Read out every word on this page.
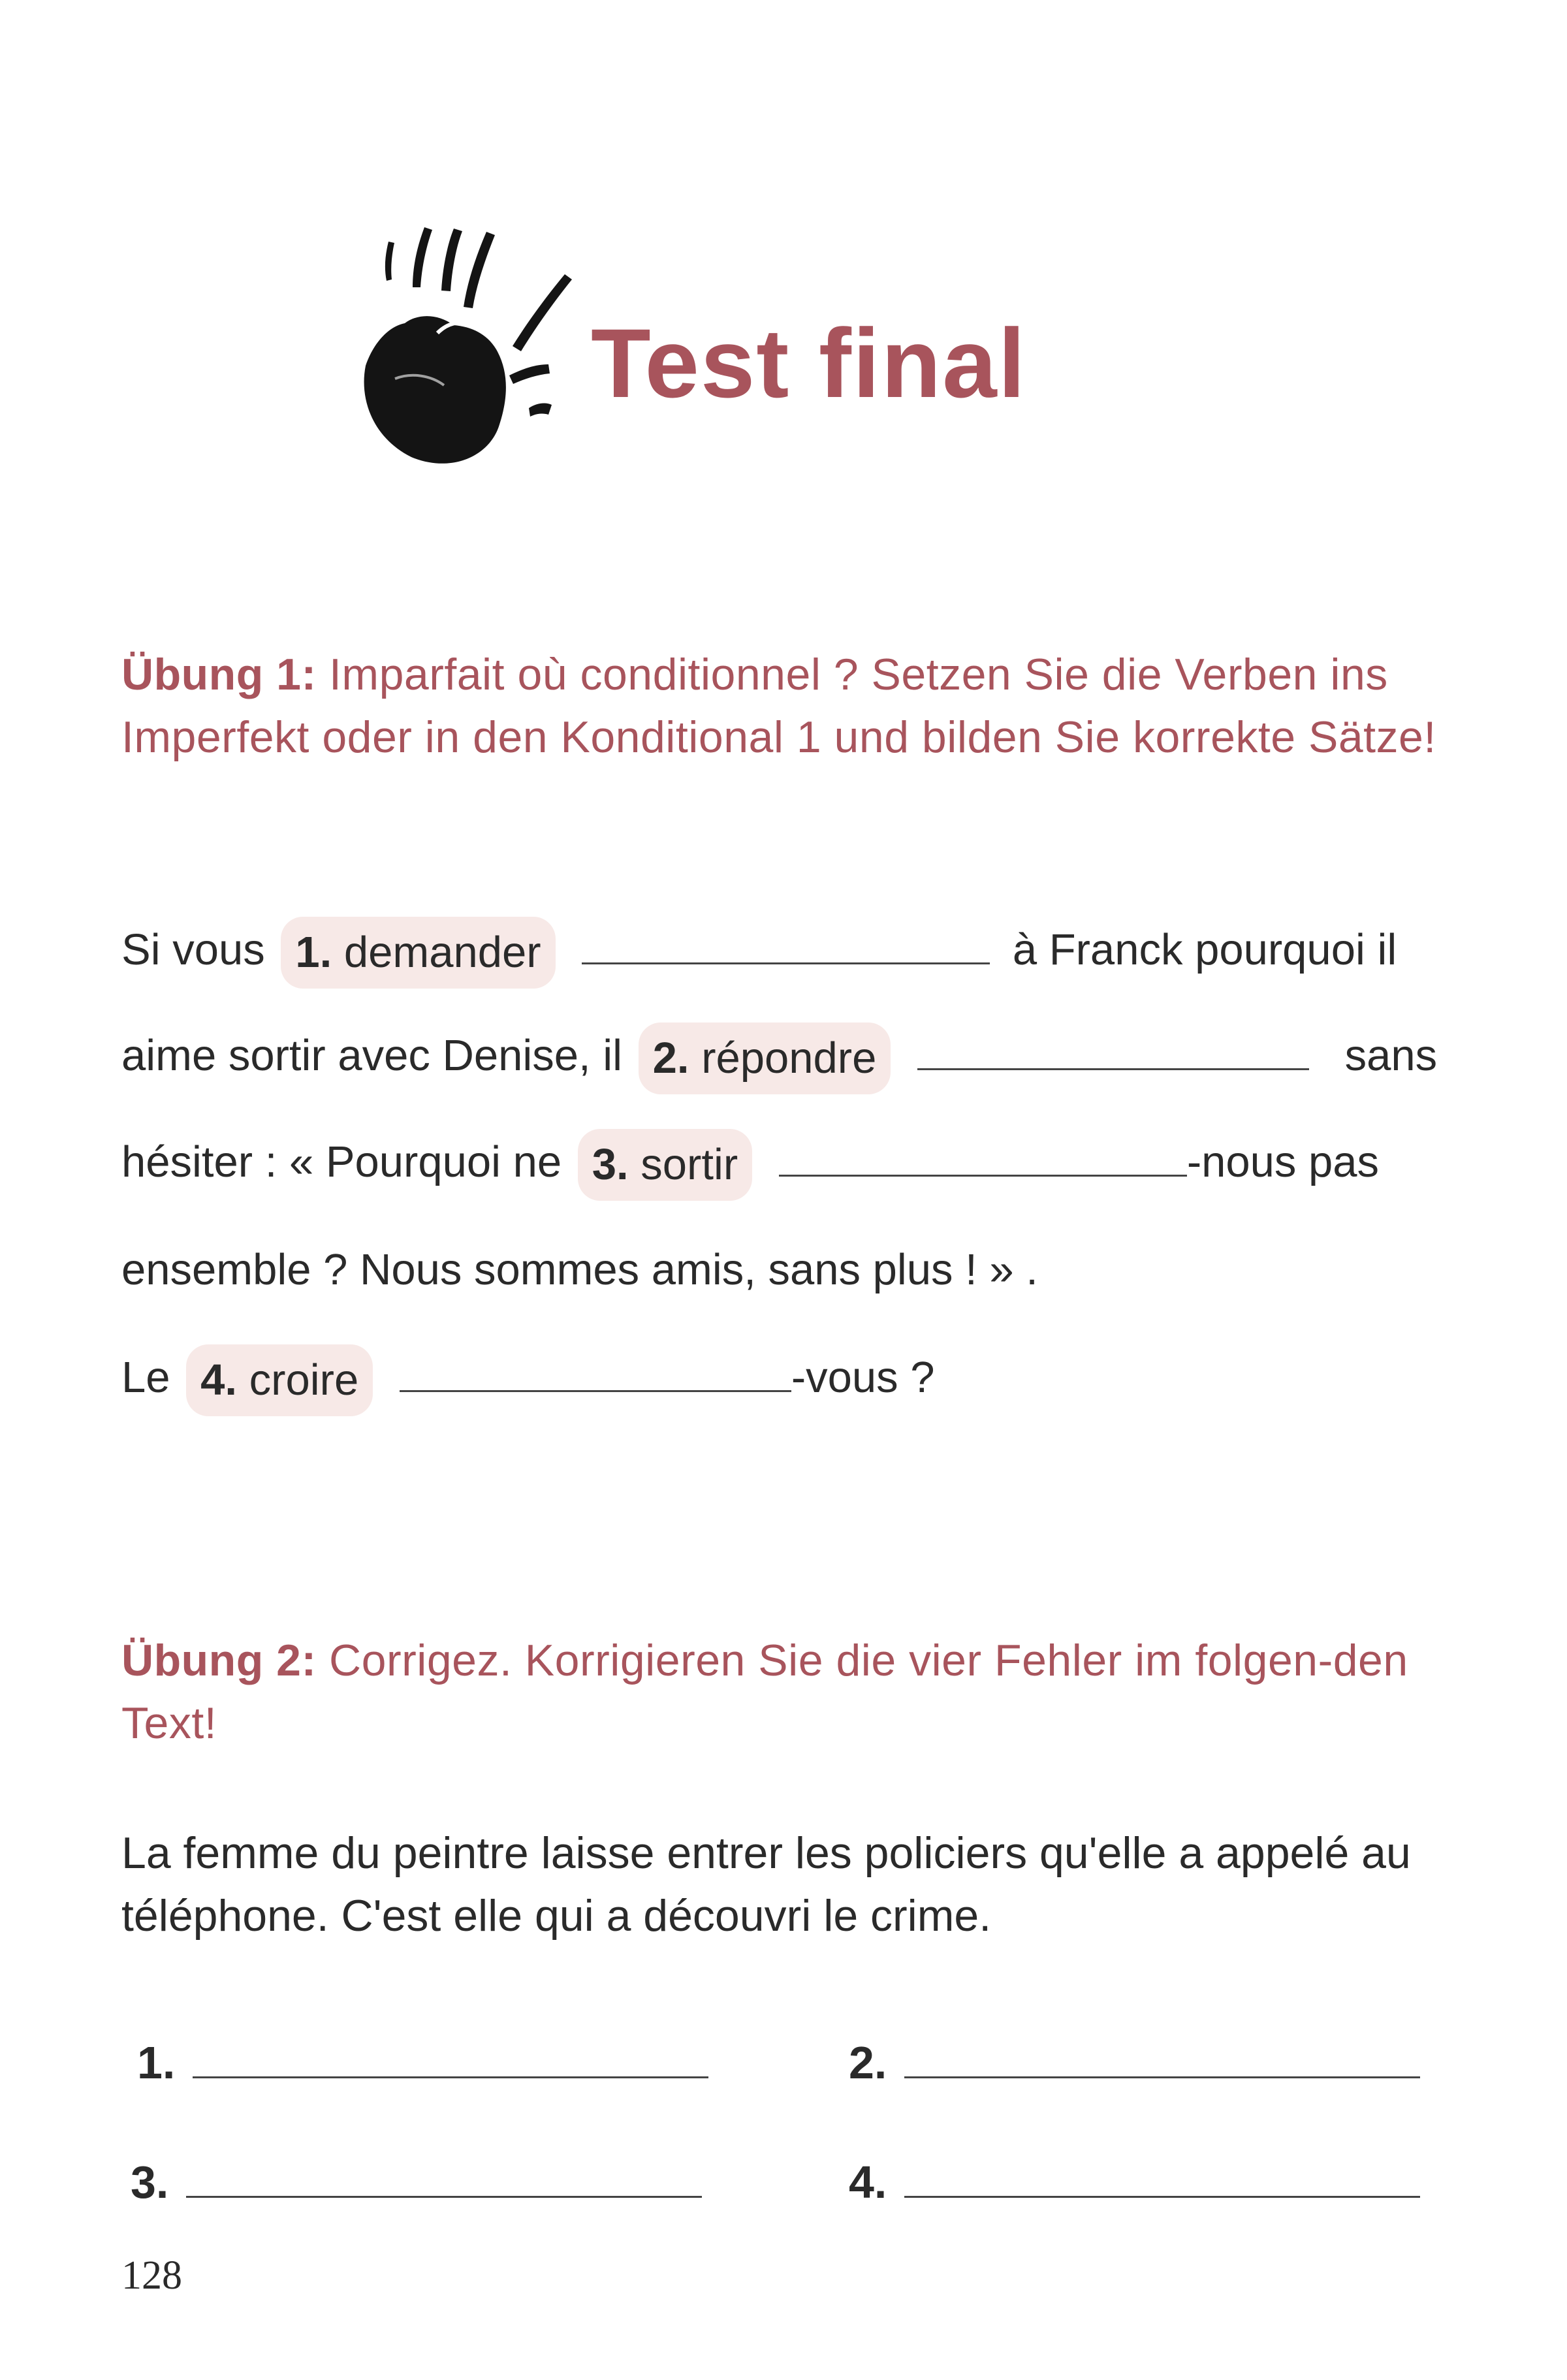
Test final
Übung 1: Imparfait où conditionnel ? Setzen Sie die Verben ins Imperfekt oder in den Konditional 1 und bilden Sie korrekte Sätze!
Si vous 1. demander	à Franck pourquoi il
aime sortir avec Denise, il 2. répondre	sans
hésiter : « Pourquoi ne 3. sortir	-nous pas
ensemble ? Nous sommes amis, sans plus ! » .
Le 4. croire	-vous ?
Übung 2: Corrigez. Korrigieren Sie die vier Fehler im folgen-den Text!
La femme du peintre laisse entrer les policiers qu'elle a appelé au téléphone. C'est elle qui a découvri le crime.
1.	2.
3.	4.
128
